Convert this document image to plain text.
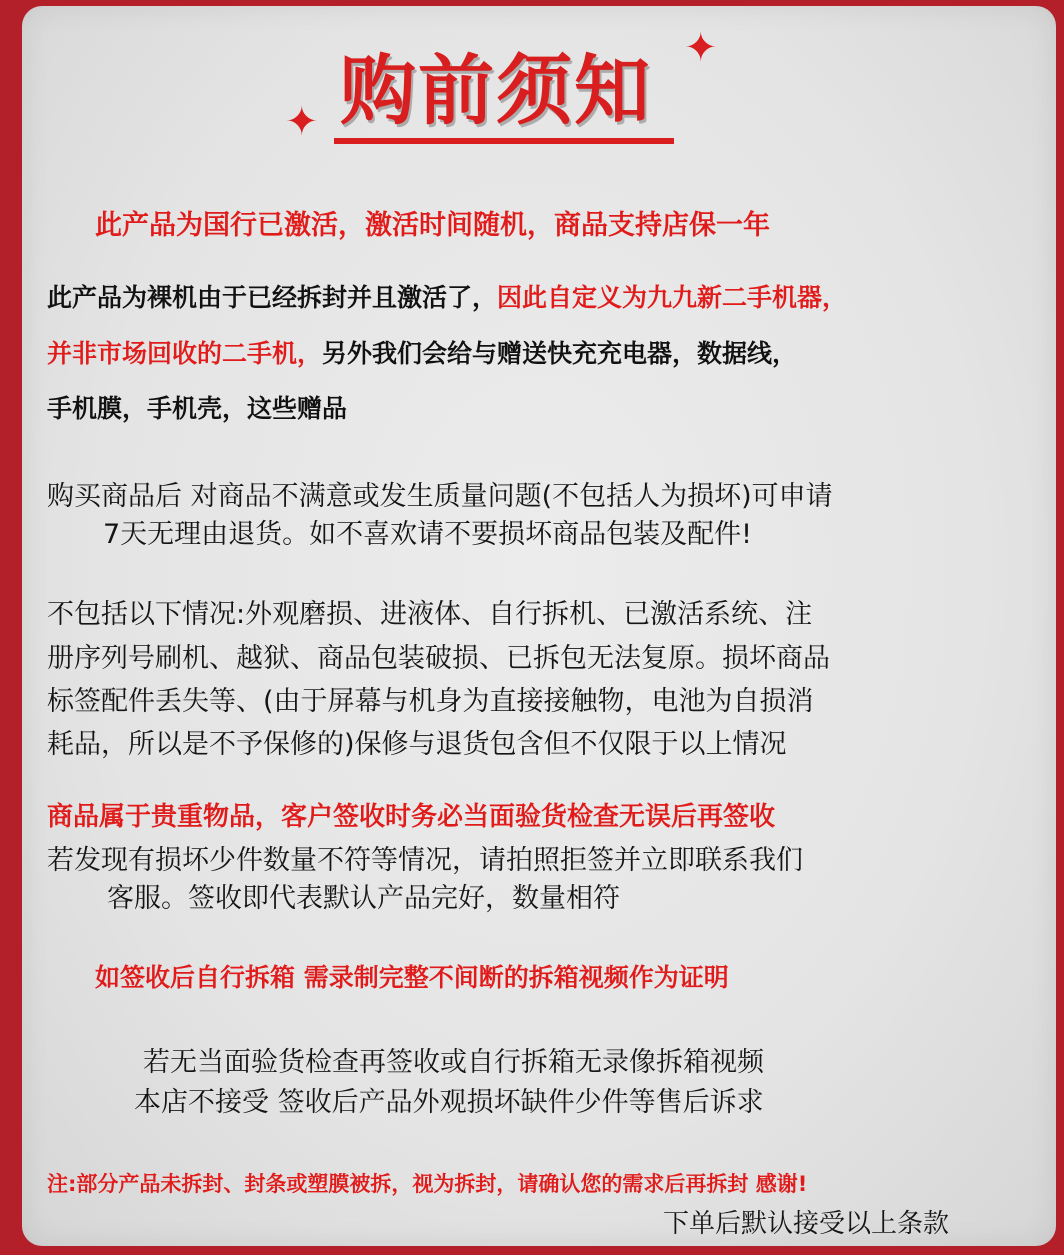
✦
✦
购前须知
此产品为国行已激活，激活时间随机，商品支持店保一年
此产品为裸机由于已经拆封并且激活了，因此自定义为九九新二手机器，
并非市场回收的二手机，另外我们会给与赠送快充充电器，数据线，
手机膜，手机壳，这些赠品
购买商品后 对商品不满意或发生质量问题(不包括人为损坏)可申请
7天无理由退货。如不喜欢请不要损坏商品包装及配件!
不包括以下情况:外观磨损、进液体、自行拆机、已激活系统、注
册序列号刷机、越狱、商品包装破损、已拆包无法复原。损坏商品
标签配件丢失等、(由于屏幕与机身为直接接触物，电池为自损消
耗品，所以是不予保修的)保修与退货包含但不仅限于以上情况
商品属于贵重物品，客户签收时务必当面验货检查无误后再签收
若发现有损坏少件数量不符等情况，请拍照拒签并立即联系我们
客服。签收即代表默认产品完好，数量相符
如签收后自行拆箱 需录制完整不间断的拆箱视频作为证明
若无当面验货检查再签收或自行拆箱无录像拆箱视频
本店不接受 签收后产品外观损坏缺件少件等售后诉求
注:部分产品未拆封、封条或塑膜被拆，视为拆封，请确认您的需求后再拆封 感谢!
下单后默认接受以上条款
